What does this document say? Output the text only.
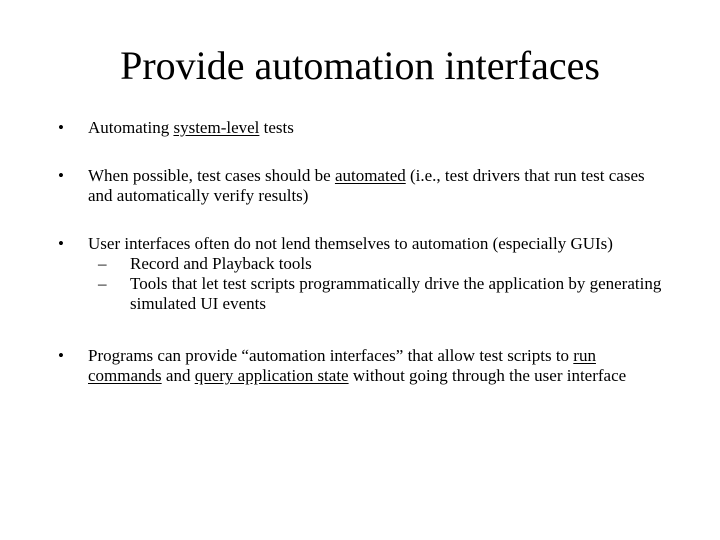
Provide automation interfaces
• Automating system-level tests
• When possible, test cases should be automated (i.e., test drivers that run test cases and automatically verify results)
• User interfaces often do not lend themselves to automation (especially GUIs)
– Record and Playback tools
– Tools that let test scripts programmatically drive the application by generating simulated UI events
• Programs can provide “automation interfaces” that allow test scripts to run commands and query application state without going through the user interface
